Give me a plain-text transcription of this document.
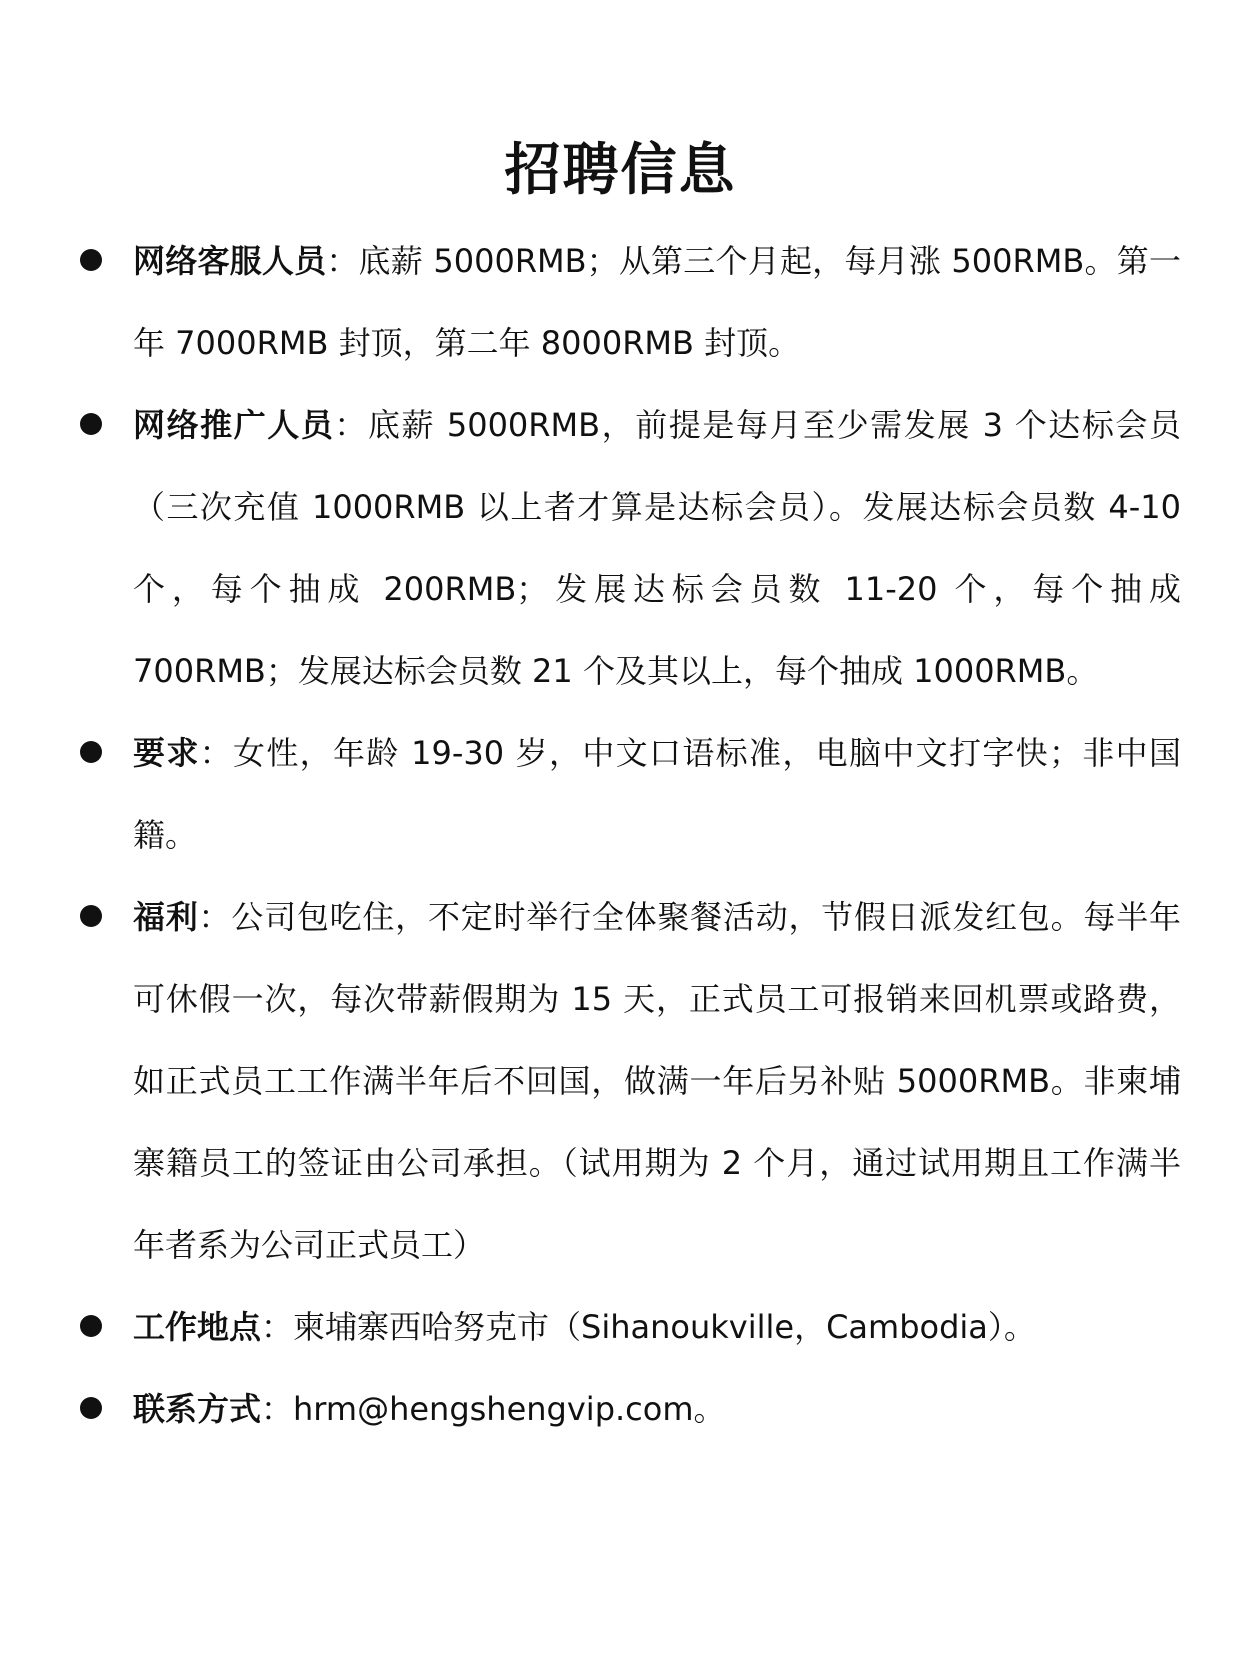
招聘信息
网络客服人员：底薪 5000RMB；从第三个月起，每月涨 500RMB。第一年 7000RMB 封顶，第二年 8000RMB 封顶。
网络推广人员：底薪 5000RMB，前提是每月至少需发展 3 个达标会员（三次充值 1000RMB 以上者才算是达标会员）。发展达标会员数 4-10 个，每个抽成 200RMB；发展达标会员数 11-20 个，每个抽成 700RMB；发展达标会员数 21 个及其以上，每个抽成 1000RMB。
要求：女性，年龄 19-30 岁，中文口语标准，电脑中文打字快；非中国籍。
福利：公司包吃住，不定时举行全体聚餐活动，节假日派发红包。每半年可休假一次，每次带薪假期为 15 天，正式员工可报销来回机票或路费，如正式员工工作满半年后不回国，做满一年后另补贴 5000RMB。非柬埔寨籍员工的签证由公司承担。（试用期为 2 个月，通过试用期且工作满半年者系为公司正式员工）
工作地点：柬埔寨西哈努克市（Sihanoukville，Cambodia）。
联系方式：hrm@hengshengvip.com。
